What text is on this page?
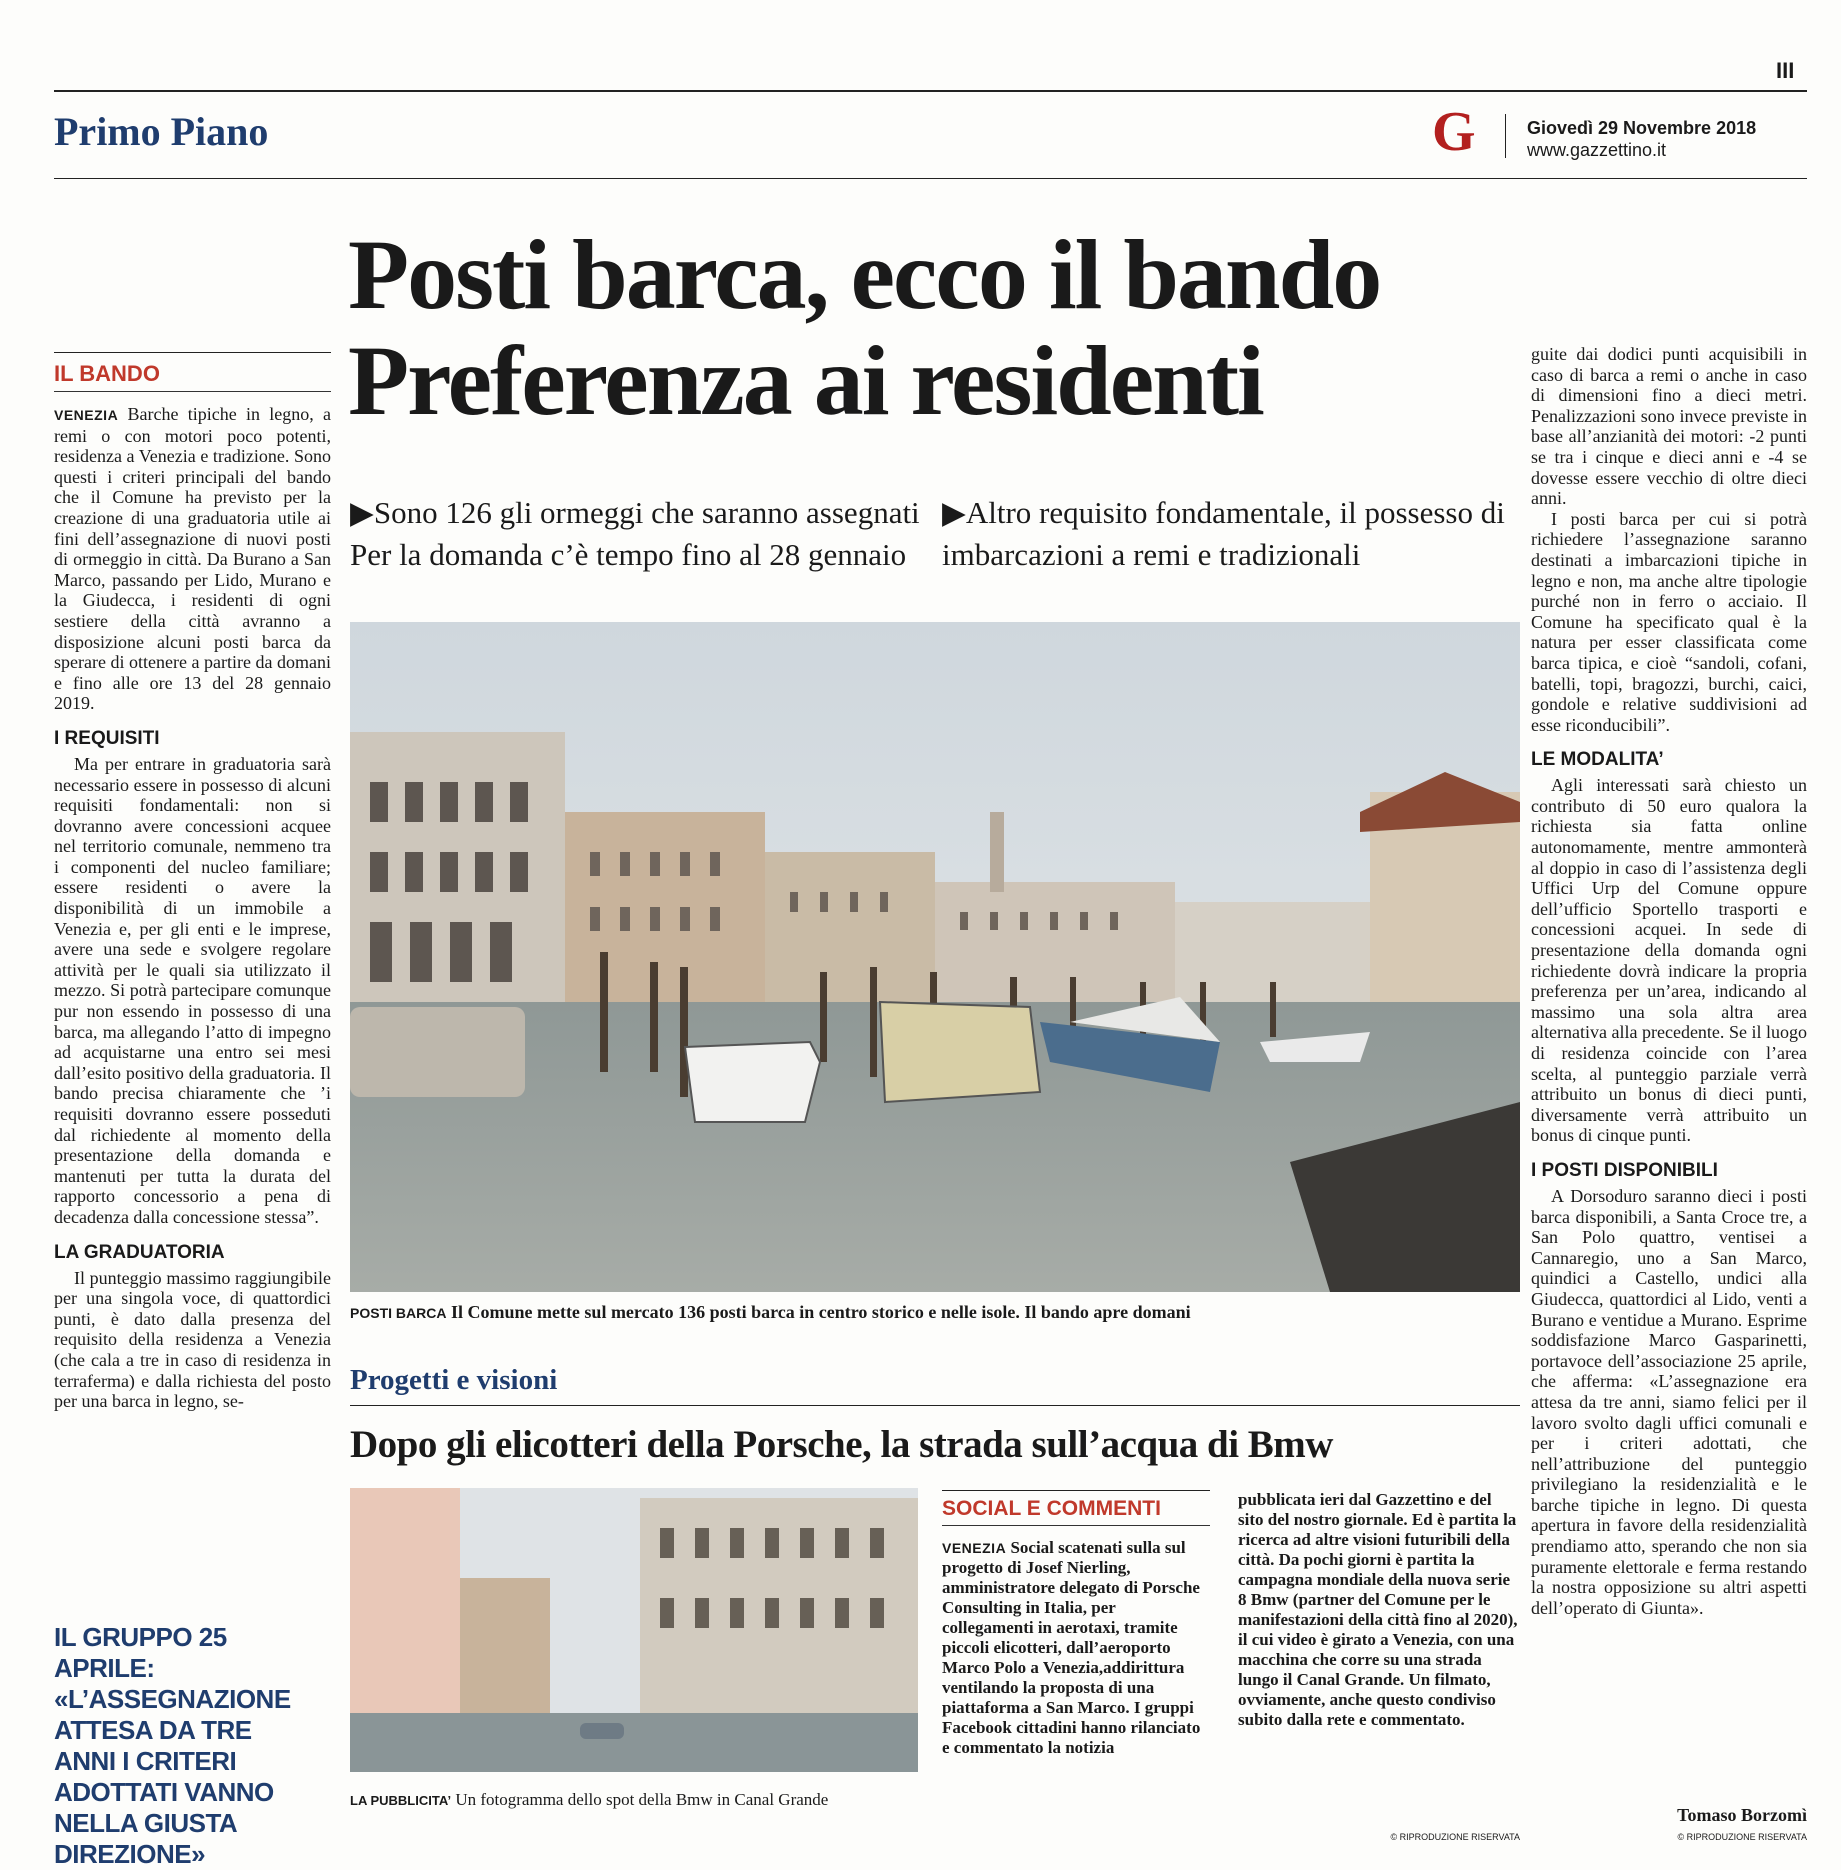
III
Primo Piano	G	Giovedì 29 Novembre 2018
www.gazzettino.it
Posti barca, ecco il bando
Preferenza ai residenti
▶Sono 126 gli ormeggi che saranno assegnati Per la domanda c’è tempo fino al 28 gennaio
▶Altro requisito fondamentale, il possesso di imbarcazioni a remi e tradizionali
IL BANDO

VENEZIA Barche tipiche in legno, a remi o con motori poco potenti, residenza a Venezia e tradizione. Sono questi i criteri principali del bando che il Comune ha previsto per la creazione di una graduatoria utile ai fini dell’assegnazione di nuovi posti di ormeggio in città. Da Burano a San Marco, passando per Lido, Murano e la Giudecca, i residenti di ogni sestiere della città avranno a disposizione alcuni posti barca da sperare di ottenere a partire da domani e fino alle ore 13 del 28 gennaio 2019.

I REQUISITI

Ma per entrare in graduatoria sarà necessario essere in possesso di alcuni requisiti fondamentali: non si dovranno avere concessioni acquee nel territorio comunale, nemmeno tra i componenti del nucleo familiare; essere residenti o avere la disponibilità di un immobile a Venezia e, per gli enti e le imprese, avere una sede e svolgere regolare attività per le quali sia utilizzato il mezzo. Si potrà partecipare comunque pur non essendo in possesso di una barca, ma allegando l’atto di impegno ad acquistarne una entro sei mesi dall’esito positivo della graduatoria. Il bando precisa chiaramente che ’i requisiti dovranno essere posseduti dal richiedente al momento della presentazione della domanda e mantenuti per tutta la durata del rapporto concessorio a pena di decadenza dalla concessione stessa”.

LA GRADUATORIA

Il punteggio massimo raggiungibile per una singola voce, di quattordici punti, è dato dalla presenza del requisito della residenza a Venezia (che cala a tre in caso di residenza in terraferma) e dalla richiesta del posto per una barca in legno, se-

IL GRUPPO 25 APRILE: «L’ASSEGNAZIONE ATTESA DA TRE ANNI I CRITERI ADOTTATI VANNO NELLA GIUSTA DIREZIONE»

guite dai dodici punti acquisibili in caso di barca a remi o anche in caso di dimensioni fino a dieci metri. Penalizzazioni sono invece previste in base all’anzianità dei motori: -2 punti se tra i cinque e dieci anni e -4 se dovesse essere vecchio di oltre dieci anni.

I posti barca per cui si potrà richiedere l’assegnazione saranno destinati a imbarcazioni tipiche in legno e non, ma anche altre tipologie purché non in ferro o acciaio. Il Comune ha specificato qual è la natura per esser classificata come barca tipica, e cioè “sandoli, cofani, batelli, topi, bragozzi, burchi, caici, gondole e relative suddivisioni ad esse riconducibili”.

LE MODALITA’

Agli interessati sarà chiesto un contributo di 50 euro qualora la richiesta sia fatta online autonomamente, mentre ammonterà al doppio in caso di l’assistenza degli Uffici Urp del Comune oppure dell’ufficio Sportello trasporti e concessioni acquei. In sede di presentazione della domanda ogni richiedente dovrà indicare la propria preferenza per un’area, indicando al massimo una sola altra area alternativa alla precedente. Se il luogo di residenza coincide con l’area scelta, al punteggio parziale verrà attribuito un bonus di dieci punti, diversamente verrà attribuito un bonus di cinque punti.

I POSTI DISPONIBILI

A Dorsoduro saranno dieci i posti barca disponibili, a Santa Croce tre, a San Polo quattro, ventisei a Cannaregio, uno a San Marco, quindici a Castello, undici alla Giudecca, quattordici al Lido, venti a Burano e ventidue a Murano. Esprime soddisfazione Marco Gasparinetti, portavoce dell’associazione 25 aprile, che afferma: «L’assegnazione era attesa da tre anni, siamo felici per il lavoro svolto dagli uffici comunali e per i criteri adottati, che nell’attribuzione del punteggio privilegiano la residenzialità e le barche tipiche in legno. Di questa apertura in favore della residenzialità prendiamo atto, sperando che non sia puramente elettorale e ferma restando la nostra opposizione su altri aspetti dell’operato di Giunta».

Tomaso Borzomì
© RIPRODUZIONE RISERVATA
POSTI BARCA Il Comune mette sul mercato 136 posti barca in centro storico e nelle isole. Il bando apre domani
Progetti e visioni
Dopo gli elicotteri della Porsche, la strada sull’acqua di Bmw
LA PUBBLICITA’ Un fotogramma dello spot della Bmw in Canal Grande
SOCIAL E COMMENTI
VENEZIA Social scatenati sulla sul progetto di Josef Nierling, amministratore delegato di Porsche Consulting in Italia, per collegamenti in aerotaxi, tramite piccoli elicotteri, dall’aeroporto Marco Polo a Venezia,addirittura ventilando la proposta di una piattaforma a San Marco. I gruppi Facebook cittadini hanno rilanciato e commentato la notizia
pubblicata ieri dal Gazzettino e del sito del nostro giornale. Ed è partita la ricerca ad altre visioni futuribili della città. Da pochi giorni è partita la campagna mondiale della nuova serie 8 Bmw (partner del Comune per le manifestazioni della città fino al 2020), il cui video è girato a Venezia, con una macchina che corre su una strada lungo il Canal Grande. Un filmato, ovviamente, anche questo condiviso subito dalla rete e commentato.
© RIPRODUZIONE RISERVATA
